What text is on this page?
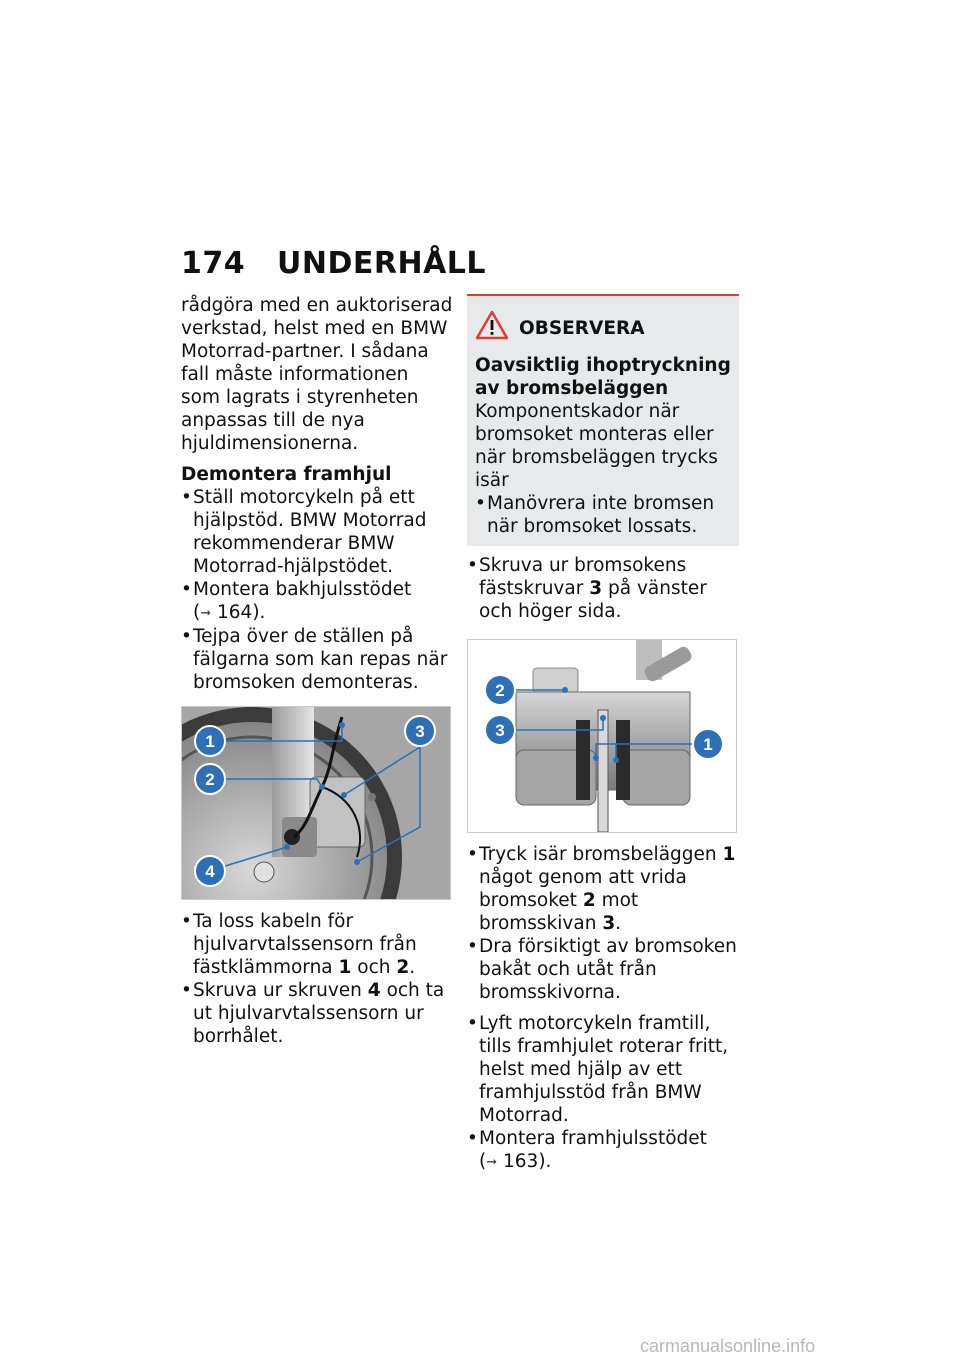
174 UNDERHÅLL

rådgöra med en auktoriserad verkstad, helst med en BMW Motorrad-partner. I sådana fall måste informationen som lagrats i styrenheten anpassas till de nya hjuldimensionerna.

Demontera framhjul

• Ställ motorcykeln på ett hjälpstöd. BMW Motorrad rekommenderar BMW Motorrad-hjälpstödet.
• Montera bakhjulsstödet
(➞ 164).
• Tejpa över de ställen på fälgarna som kan repas när bromsoken demonteras.
1
2
3
4
• Ta loss kabeln för hjulvarvtalssensorn från fästklämmorna 1 och 2.
• Skruva ur skruven 4 och ta ut hjulvarvtalssensorn ur borrhålet.
OBSERVERA

Oavsiktlig ihoptryckning av bromsbeläggen

Komponentskador när bromsoket monteras eller när bromsbeläggen trycks isär

• Manövrera inte bromsen när bromsoket lossats.
• Skruva ur bromsokens fästskruvar 3 på vänster och höger sida.
2
3
1
• Tryck isär bromsbeläggen 1 något genom att vrida bromsoket 2 mot bromsskivan 3.
• Dra försiktigt av bromsoken bakåt och utåt från bromsskivorna.
• Lyft motorcykeln framtill, tills framhjulet roterar fritt, helst med hjälp av ett framhjulsstöd från BMW Motorrad.
• Montera framhjulsstödet
(➞ 163).
carmanualsonline.info
